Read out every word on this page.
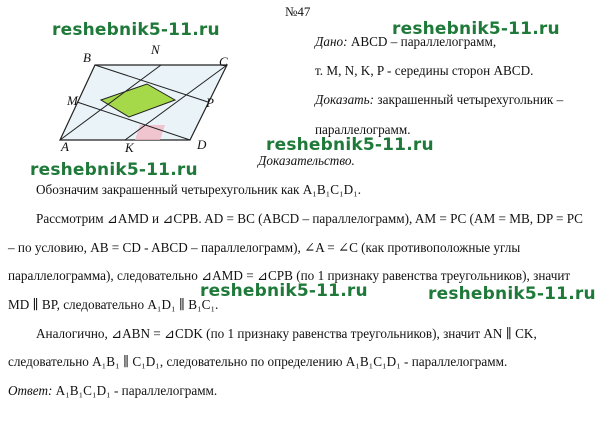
№47
B
N
C
M	P
A	K	D
Дано: ABCD – параллелограмм,
т. M, N, K, P - середины сторон ABCD.
Доказать: закрашенный четырехугольник –
параллелограмм.
Доказательство.
Обозначим закрашенный четырехугольник как A₁B₁C₁D₁.
Рассмотрим ⊿AMD и ⊿CPB. AD = BC (ABCD – параллелограмм), AM = PC (AM = MB, DP = PC
– по условию, AB = CD - ABCD – параллелограмм), ∠A = ∠C (как противоположные углы
параллелограмма), следовательно ⊿AMD = ⊿CPB (по 1 признаку равенства треугольников), значит
MD ∥ BP, следовательно A₁D₁ ∥ B₁C₁.
Аналогично, ⊿ABN = ⊿CDK (по 1 признаку равенства треугольников), значит AN ∥ CK,
следовательно A₁B₁ ∥ C₁D₁, следовательно по определению A₁B₁C₁D₁ - параллелограмм.
Ответ: A₁B₁C₁D₁ - параллелограмм.
reshebnik5-11.ru	reshebnik5-11.ru
reshebnik5-11.ru
reshebnik5-11.ru
reshebnik5-11.ru	reshebnik5-11.ru
